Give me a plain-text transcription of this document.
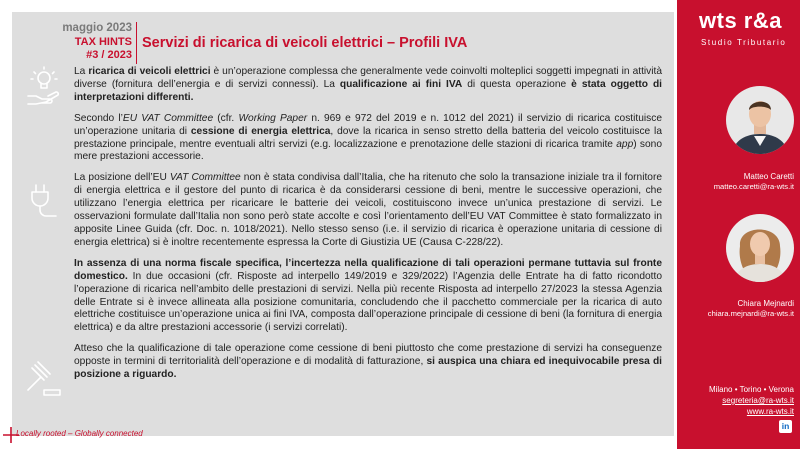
maggio 2023
TAX HINTS
#3 / 2023
Servizi di ricarica di veicoli elettrici – Profili IVA

La ricarica di veicoli elettrici è un’operazione complessa che generalmente vede coinvolti molteplici soggetti impegnati in attività diverse (fornitura dell’energia e di servizi connessi). La qualificazione ai fini IVA di questa operazione è stata oggetto di interpretazioni differenti.

Secondo l’EU VAT Committee (cfr. Working Paper n. 969 e 972 del 2019 e n. 1012 del 2021) il servizio di ricarica costituisce un’operazione unitaria di cessione di energia elettrica, dove la ricarica in senso stretto della batteria del veicolo costituisce la prestazione principale, mentre eventuali altri servizi (e.g. localizzazione e prenotazione delle stazioni di ricarica tramite app) sono mere prestazioni accessorie.

La posizione dell’EU VAT Committee non è stata condivisa dall’Italia, che ha ritenuto che solo la transazione iniziale tra il fornitore di energia elettrica e il gestore del punto di ricarica è da considerarsi cessione di beni, mentre le successive operazioni, che utilizzano l’energia elettrica per ricaricare le batterie dei veicoli, costituiscono invece un’unica prestazione di servizi. Le osservazioni formulate dall’Italia non sono però state accolte e così l’orientamento dell’EU VAT Committee è stato formalizzato in apposite Linee Guida (cfr. Doc. n. 1018/2021). Nello stesso senso (i.e. il servizio di ricarica è operazione unitaria di cessione di energia elettrica) si è inoltre recentemente espressa la Corte di Giustizia UE (Causa C-228/22).

In assenza di una norma fiscale specifica, l’incertezza nella qualificazione di tali operazioni permane tuttavia sul fronte domestico. In due occasioni (cfr. Risposte ad interpello 149/2019 e 329/2022) l’Agenzia delle Entrate ha di fatto ricondotto l’operazione di ricarica nell’ambito delle prestazioni di servizi. Nella più recente Risposta ad interpello 27/2023 la stessa Agenzia delle Entrate si è invece allineata alla posizione comunitaria, concludendo che il pacchetto commerciale per la ricarica di auto elettriche costituisce un’operazione unica ai fini IVA, composta dall’operazione principale di cessione di beni (la fornitura di energia elettrica) e da altre prestazioni accessorie (i servizi correlati).

Atteso che la qualificazione di tale operazione come cessione di beni piuttosto che come prestazione di servizi ha conseguenze opposte in termini di territorialità dell’operazione e di modalità di fatturazione, si auspica una chiara ed inequivocabile presa di posizione a riguardo.

Locally rooted – Globally connected
wts r&a
Studio Tributario
Matteo Caretti
matteo.caretti@ra-wts.it
Chiara Mejnardi
chiara.mejnardi@ra-wts.it
Milano • Torino • Verona
segreteria@ra-wts.it
www.ra-wts.it
in
